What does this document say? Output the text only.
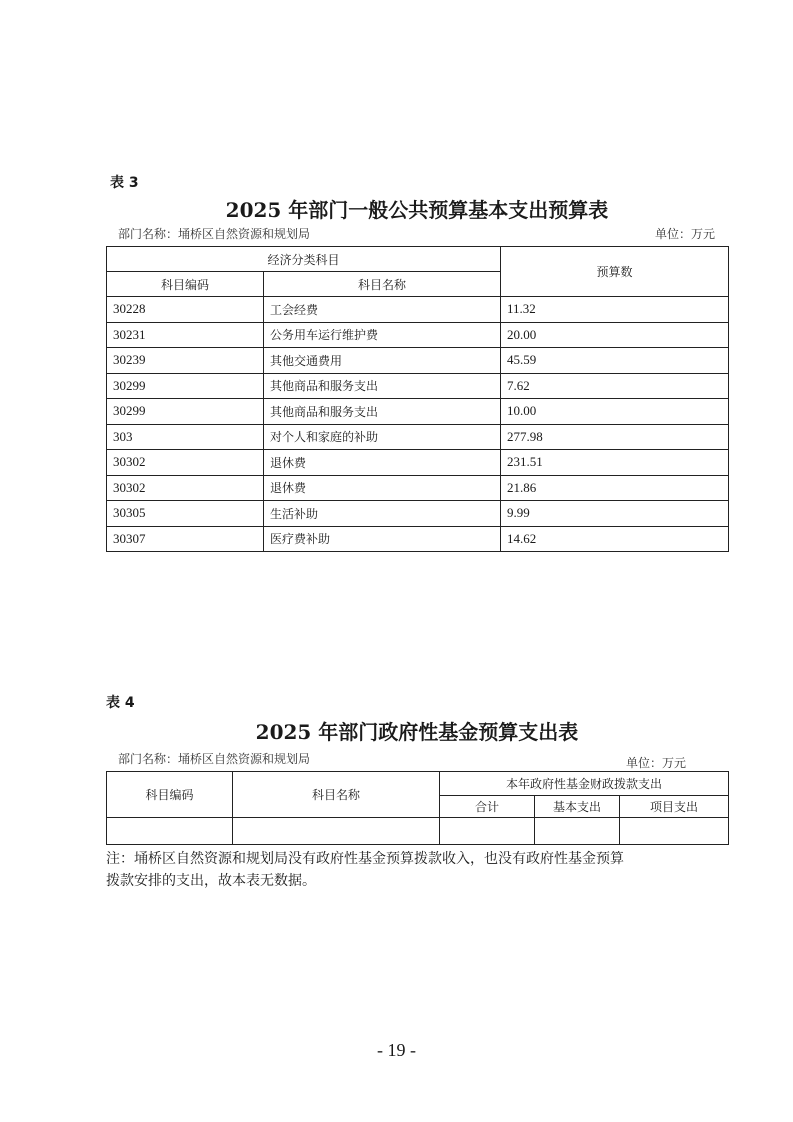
表 3
2025 年部门一般公共预算基本支出预算表
部门名称：埇桥区自然资源和规划局	单位：万元
经济分类科目		预算数
科目编码	科目名称	
30228	工会经费	11.32
30231	公务用车运行维护费	20.00
30239	其他交通费用	45.59
30299	其他商品和服务支出	7.62
30299	其他商品和服务支出	10.00
303	对个人和家庭的补助	277.98
30302	退休费	231.51
30302	退休费	21.86
30305	生活补助	9.99
30307	医疗费补助	14.62
表 4
2025 年部门政府性基金预算支出表
部门名称：埇桥区自然资源和规划局	单位：万元
科目编码	科目名称	本年政府性基金财政拨款支出		
		合计	基本支出	项目支出

注：埇桥区自然资源和规划局没有政府性基金预算拨款收入，也没有政府性基金预算
拨款安排的支出，故本表无数据。
- 19 -
